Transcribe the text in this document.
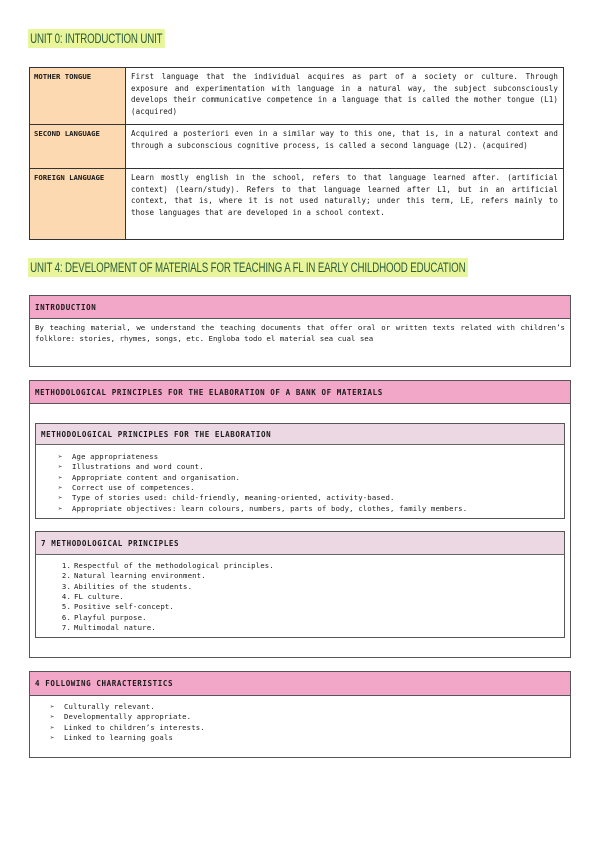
UNIT 0: INTRODUCTION UNIT
MOTHER TONGUE	First language that the individual acquires as part of a society or culture. Through exposure and experimentation with language in a natural way, the subject subconsciously develops their communicative competence in a language that is called the mother tongue (L1)(acquired)
SECOND LANGUAGE	Acquired a posteriori even in a similar way to this one, that is, in a natural context and through a subconscious cognitive process, is called a second language (L2). (acquired)
FOREIGN LANGUAGE	Learn mostly english in the school, refers to that language learned after. (artificial context) (learn/study). Refers to that language learned after L1, but in an artificial context, that is, where it is not used naturally; under this term, LE, refers mainly to those languages that are developed in a school context.
UNIT 4: DEVELOPMENT OF MATERIALS FOR TEACHING A FL IN EARLY CHILDHOOD EDUCATION
INTRODUCTION
By teaching material, we understand the teaching documents that offer oral or written texts related with children’s folklore: stories, rhymes, songs, etc. Engloba todo el material sea cual sea
METHODOLOGICAL PRINCIPLES FOR THE ELABORATION OF A BANK OF MATERIALS
METHODOLOGICAL PRINCIPLES FOR THE ELABORATION
➢ Age appropriateness
➢ Illustrations and word count.
➢ Appropriate content and organisation.
➢ Correct use of competences.
➢ Type of stories used: child-friendly, meaning-oriented, activity-based.
➢ Appropriate objectives: learn colours, numbers, parts of body, clothes, family members.
7 METHODOLOGICAL PRINCIPLES
1. Respectful of the methodological principles.
2. Natural learning environment.
3. Abilities of the students.
4. FL culture.
5. Positive self-concept.
6. Playful purpose.
7. Multimodal nature.
4 FOLLOWING CHARACTERISTICS
➢ Culturally relevant.
➢ Developmentally appropriate.
➢ Linked to children’s interests.
➢ Linked to learning goals
